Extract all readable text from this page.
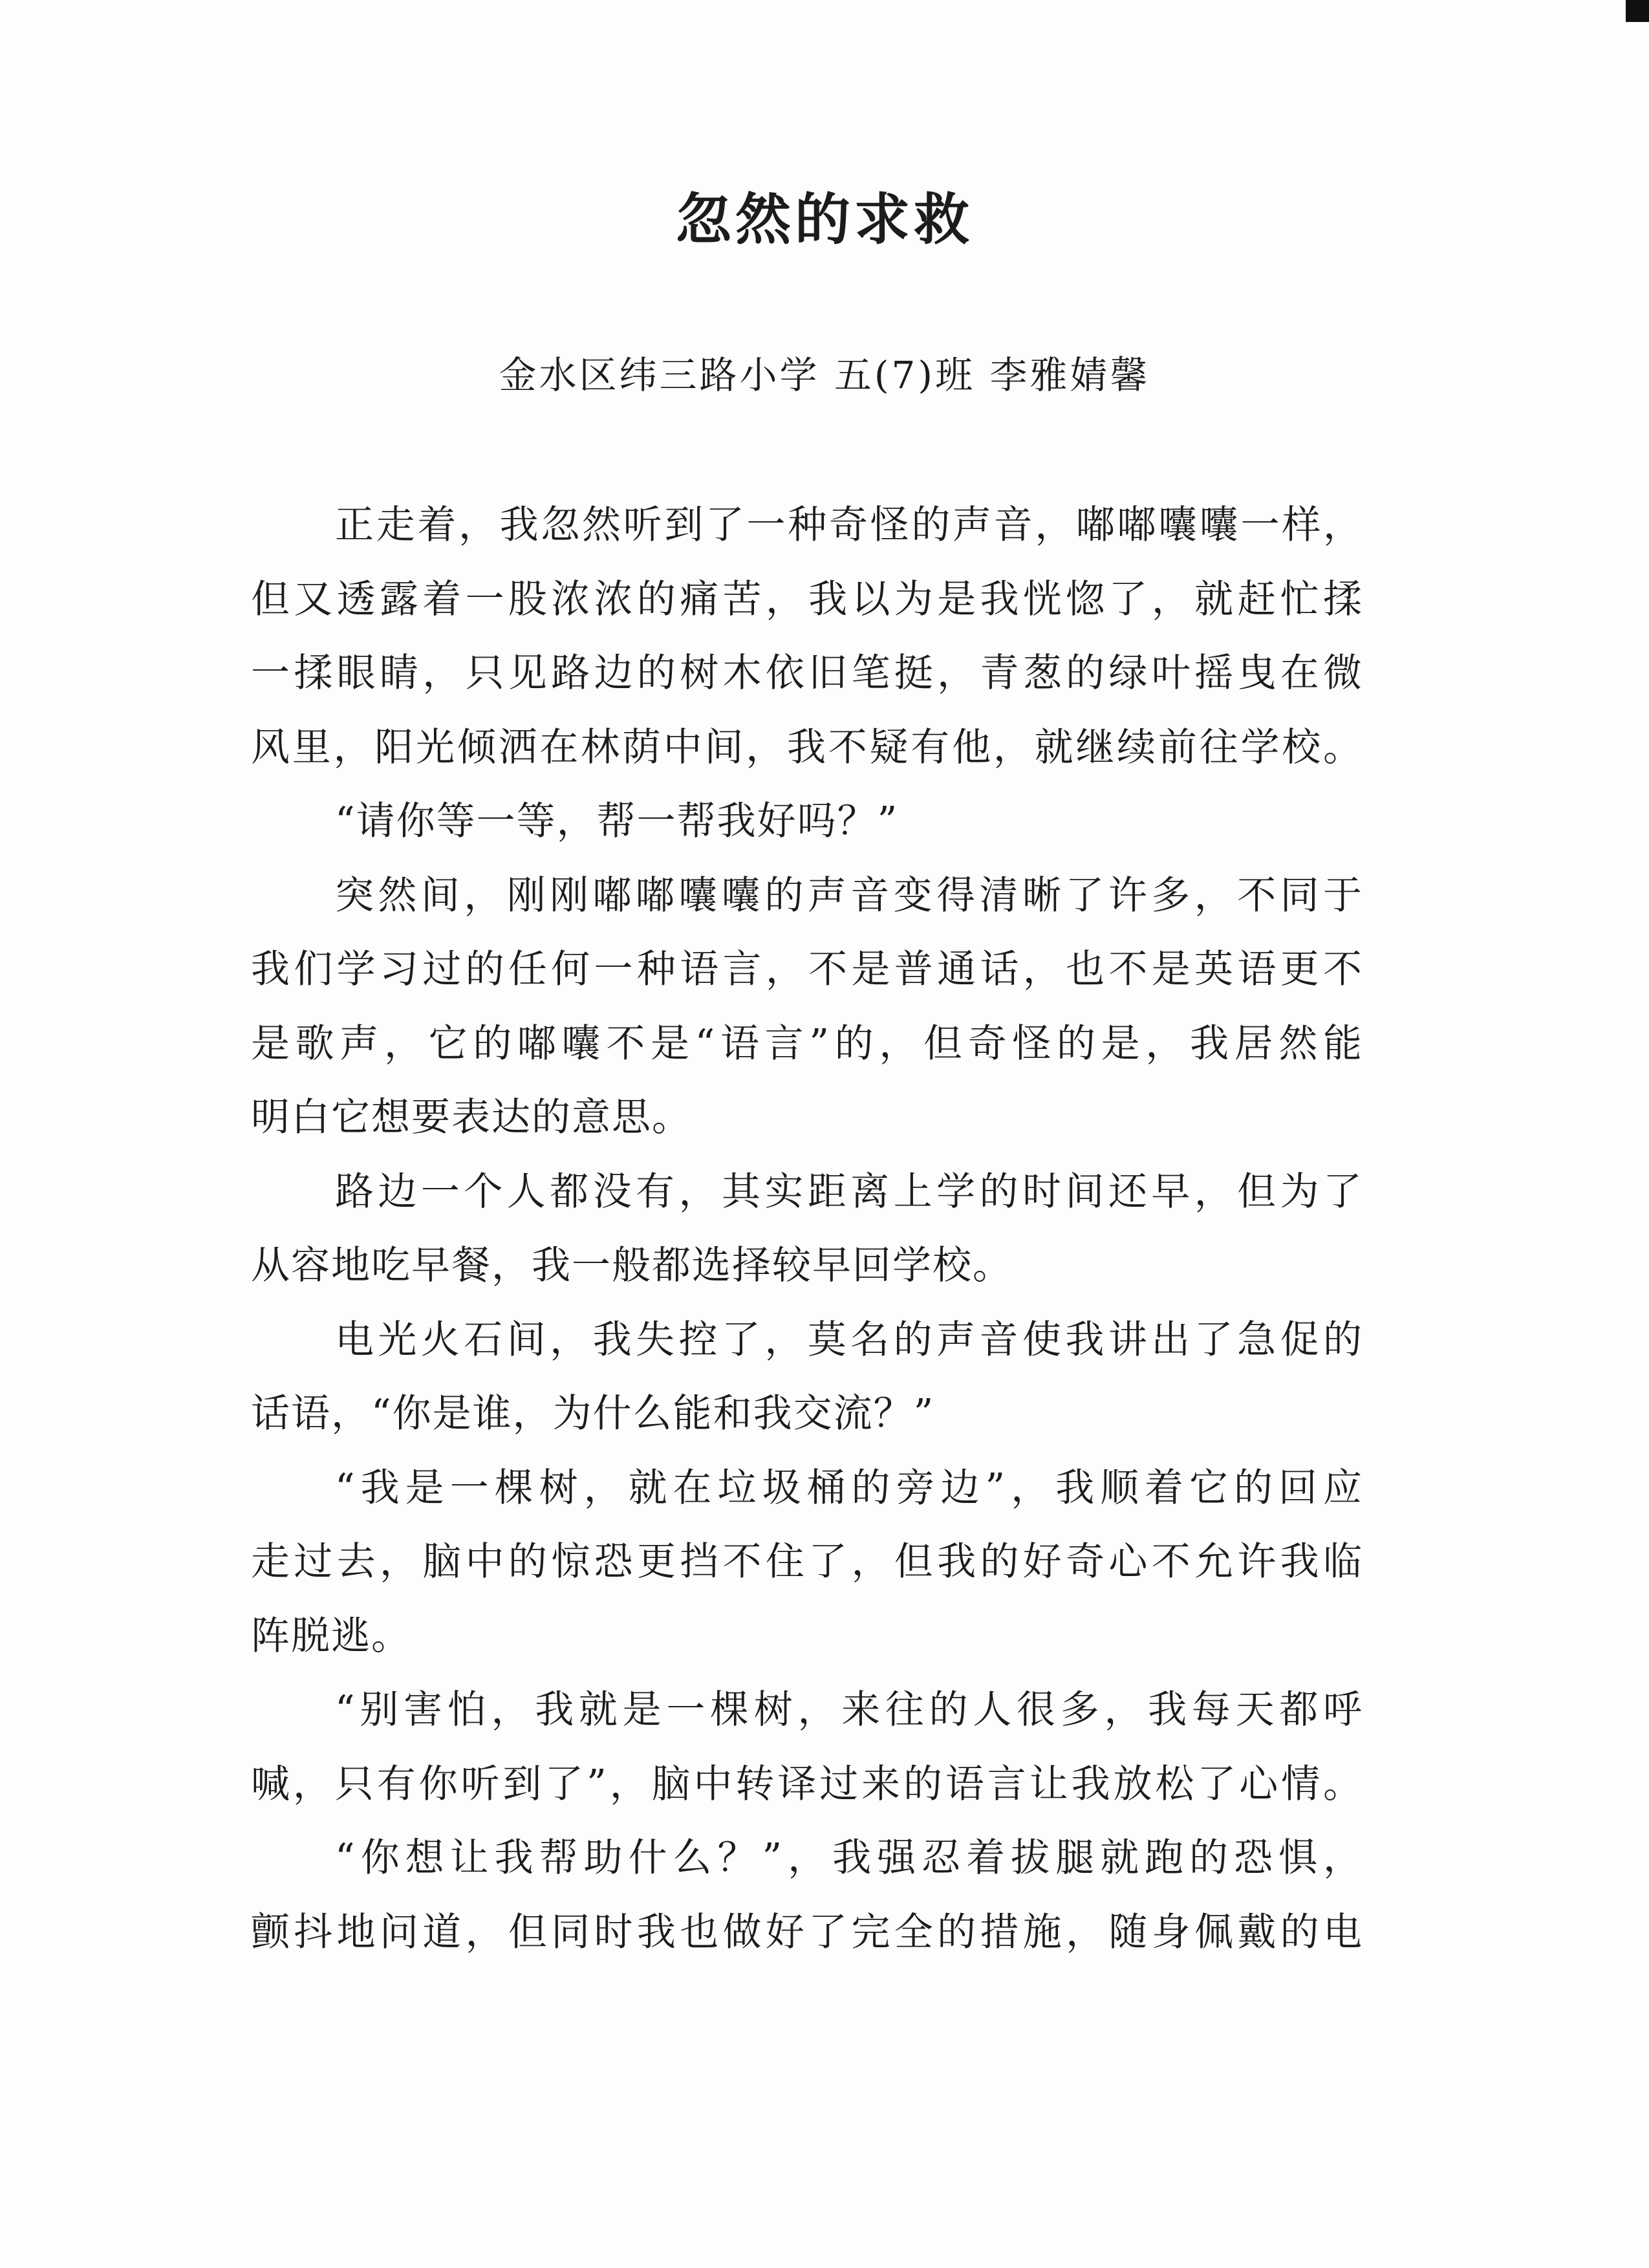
忽然的求救

金水区纬三路小学 五(7)班 李雅婧馨

正走着，我忽然听到了一种奇怪的声音，嘟嘟囔囔一样，
但又透露着一股浓浓的痛苦，我以为是我恍惚了，就赶忙揉
一揉眼睛，只见路边的树木依旧笔挺，青葱的绿叶摇曳在微
风里，阳光倾洒在林荫中间，我不疑有他，就继续前往学校。
“请你等一等，帮一帮我好吗？”
突然间，刚刚嘟嘟囔囔的声音变得清晰了许多，不同于
我们学习过的任何一种语言，不是普通话，也不是英语更不
是歌声，它的嘟囔不是“语言”的，但奇怪的是，我居然能
明白它想要表达的意思。
路边一个人都没有，其实距离上学的时间还早，但为了
从容地吃早餐，我一般都选择较早回学校。
电光火石间，我失控了，莫名的声音使我讲出了急促的
话语，“你是谁，为什么能和我交流？”
“我是一棵树，就在垃圾桶的旁边”，我顺着它的回应
走过去，脑中的惊恐更挡不住了，但我的好奇心不允许我临
阵脱逃。
“别害怕，我就是一棵树，来往的人很多，我每天都呼
喊，只有你听到了”，脑中转译过来的语言让我放松了心情。
“你想让我帮助什么？”，我强忍着拔腿就跑的恐惧，
颤抖地问道，但同时我也做好了完全的措施，随身佩戴的电
